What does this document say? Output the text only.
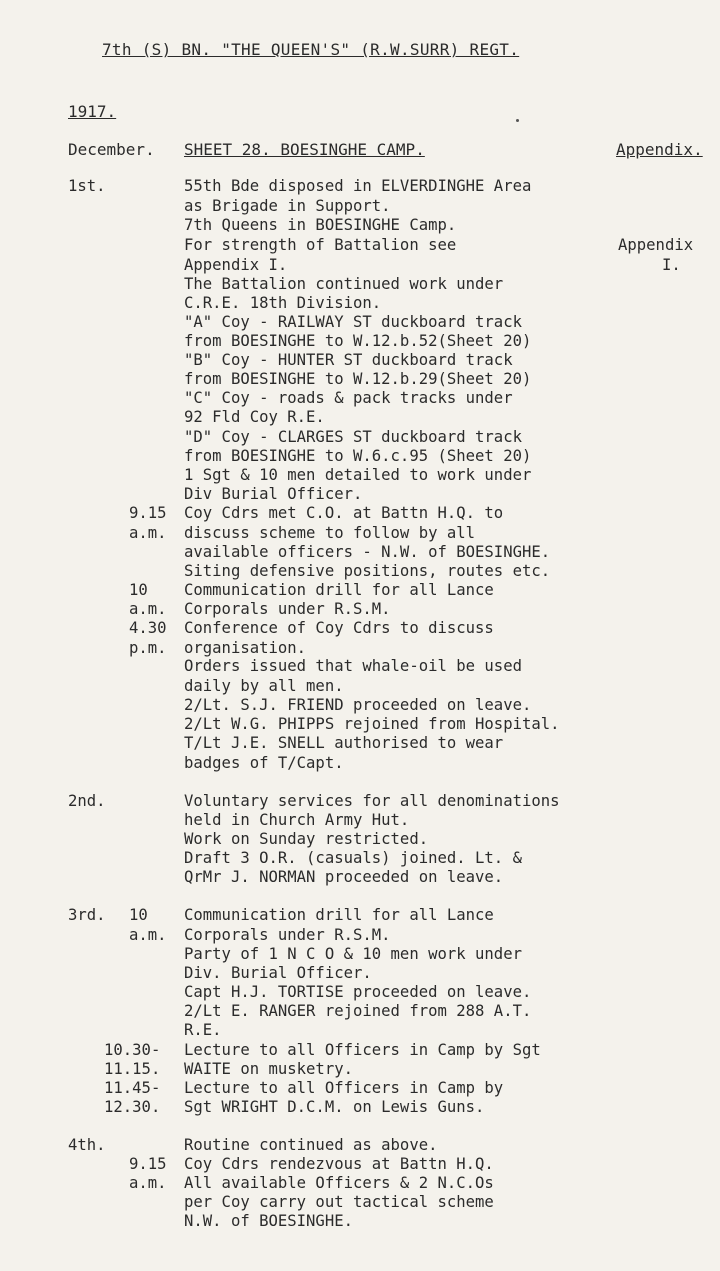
7th (S) BN. "THE QUEEN'S" (R.W.SURR) REGT.
1917.
December. SHEET 28. BOESINGHE CAMP.	Appendix.
Appendix
I.
1st.
2nd.
3rd.
4th.
9.15
a.m.
10
a.m.
4.30
p.m.
10
a.m.
10.30-
11.15.
11.45-
12.30.
9.15
a.m.
55th Bde disposed in ELVERDINGHE Area
as Brigade in Support.
7th Queens in BOESINGHE Camp.
For strength of Battalion see
Appendix I.
The Battalion continued work under
C.R.E. 18th Division.
"A" Coy - RAILWAY ST duckboard track
from BOESINGHE to W.12.b.52(Sheet 20)
"B" Coy - HUNTER ST duckboard track
from BOESINGHE to W.12.b.29(Sheet 20)
"C" Coy - roads & pack tracks under
92 Fld Coy R.E.
"D" Coy - CLARGES ST duckboard track
from BOESINGHE to W.6.c.95 (Sheet 20)
1 Sgt & 10 men detailed to work under
Div Burial Officer.
Coy Cdrs met C.O. at Battn H.Q. to
discuss scheme to follow by all
available officers - N.W. of BOESINGHE.
Siting defensive positions, routes etc.
Communication drill for all Lance
Corporals under R.S.M.
Conference of Coy Cdrs to discuss
organisation.
Orders issued that whale-oil be used
daily by all men.
2/Lt. S.J. FRIEND proceeded on leave.
2/Lt W.G. PHIPPS rejoined from Hospital.
T/Lt J.E. SNELL authorised to wear
badges of T/Capt.
Voluntary services for all denominations
held in Church Army Hut.
Work on Sunday restricted.
Draft 3 O.R. (casuals) joined. Lt. &
QrMr J. NORMAN proceeded on leave.
Communication drill for all Lance
Corporals under R.S.M.
Party of 1 N C O & 10 men work under
Div. Burial Officer.
Capt H.J. TORTISE proceeded on leave.
2/Lt E. RANGER rejoined from 288 A.T.
R.E.
Lecture to all Officers in Camp by Sgt
WAITE on musketry.
Lecture to all Officers in Camp by
Sgt WRIGHT D.C.M. on Lewis Guns.
Routine continued as above.
Coy Cdrs rendezvous at Battn H.Q.
All available Officers & 2 N.C.Os
per Coy carry out tactical scheme
N.W. of BOESINGHE.
